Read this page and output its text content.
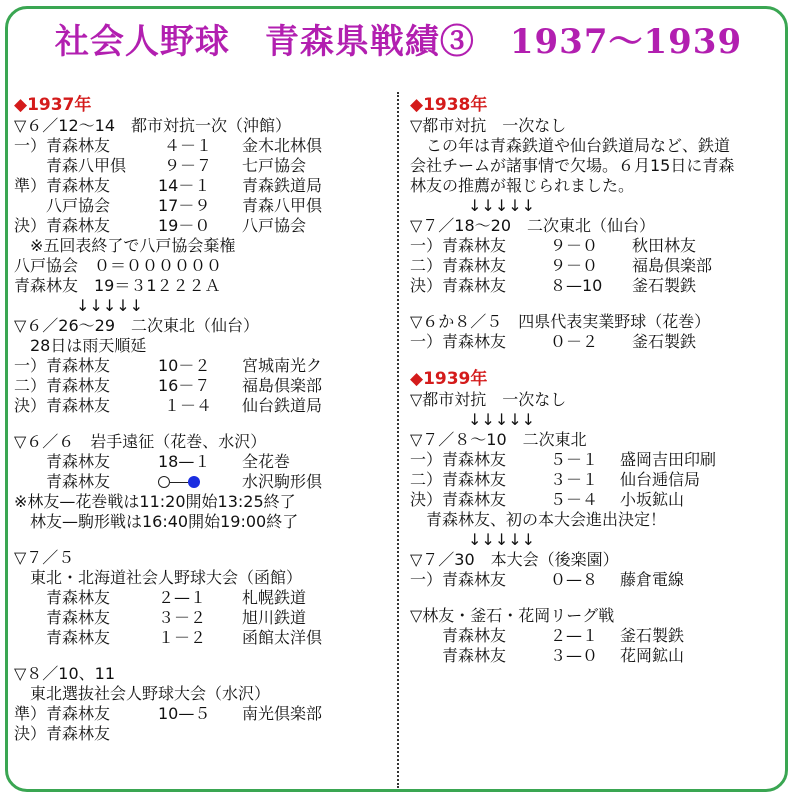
社会人野球　青森県戦績③　1937〜1939
◆1937年
▽６／12〜14　都市対抗一次（沖館）
一）青森林友	４－１ 金木北林倶
　　青森八甲倶 ９－７ 七戸協会
準）青森林友	14－１ 青森鉄道局
　　八戸協会	17－９ 青森八甲倶
決）青森林友	19－０ 八戸協会
　※五回表終了で八戸協会棄権
八戸協会　０＝００００００
青森林友　19＝３1２２２Ａ
↓↓↓↓↓
▽６／26〜29　二次東北（仙台）
　28日は雨天順延
一）青森林友	10－２ 宮城南光ク
二）青森林友	16－７ 福島倶楽部
決）青森林友	１－４ 仙台鉄道局
▽６／６　岩手遠征（花巻、水沢）
　　青森林友	18—１ 全花巻
　　青森林友	水沢駒形倶
※林友—花巻戦は11:20開始13:25終了
　林友—駒形戦は16:40開始19:00終了
▽７／５
　東北・北海道社会人野球大会（函館）
　　青森林友	２—１ 札幌鉄道
　　青森林友	３－２ 旭川鉄道
　　青森林友	１－２ 函館太洋倶
▽８／10、11
　東北選抜社会人野球大会（水沢）
準）青森林友	10—５ 南光倶楽部
決）青森林友
◆1938年
▽都市対抗　一次なし
　この年は青森鉄道や仙台鉄道局など、鉄道
会社チームが諸事情で欠場。６月15日に青森
林友の推薦が報じられました。
↓↓↓↓↓
▽７／18〜20　二次東北（仙台）
一）青森林友	９－０ 秋田林友
二）青森林友	９－０ 福島倶楽部
決）青森林友	８—10 釜石製鉄
▽６か８／５　四県代表実業野球（花巻）
一）青森林友	０－２ 釜石製鉄
◆1939年
▽都市対抗　一次なし
↓↓↓↓↓
▽７／８〜10　二次東北
一）青森林友	５－１ 盛岡吉田印刷
二）青森林友	３－１ 仙台逓信局
決）青森林友	５－４ 小坂鉱山
　青森林友、初の本大会進出決定！
↓↓↓↓↓
▽７／30　本大会（後楽園）
一）青森林友	０—８ 藤倉電線
▽林友・釜石・花岡リーグ戦
　　青森林友	２—１ 釜石製鉄
　　青森林友	３—０ 花岡鉱山
